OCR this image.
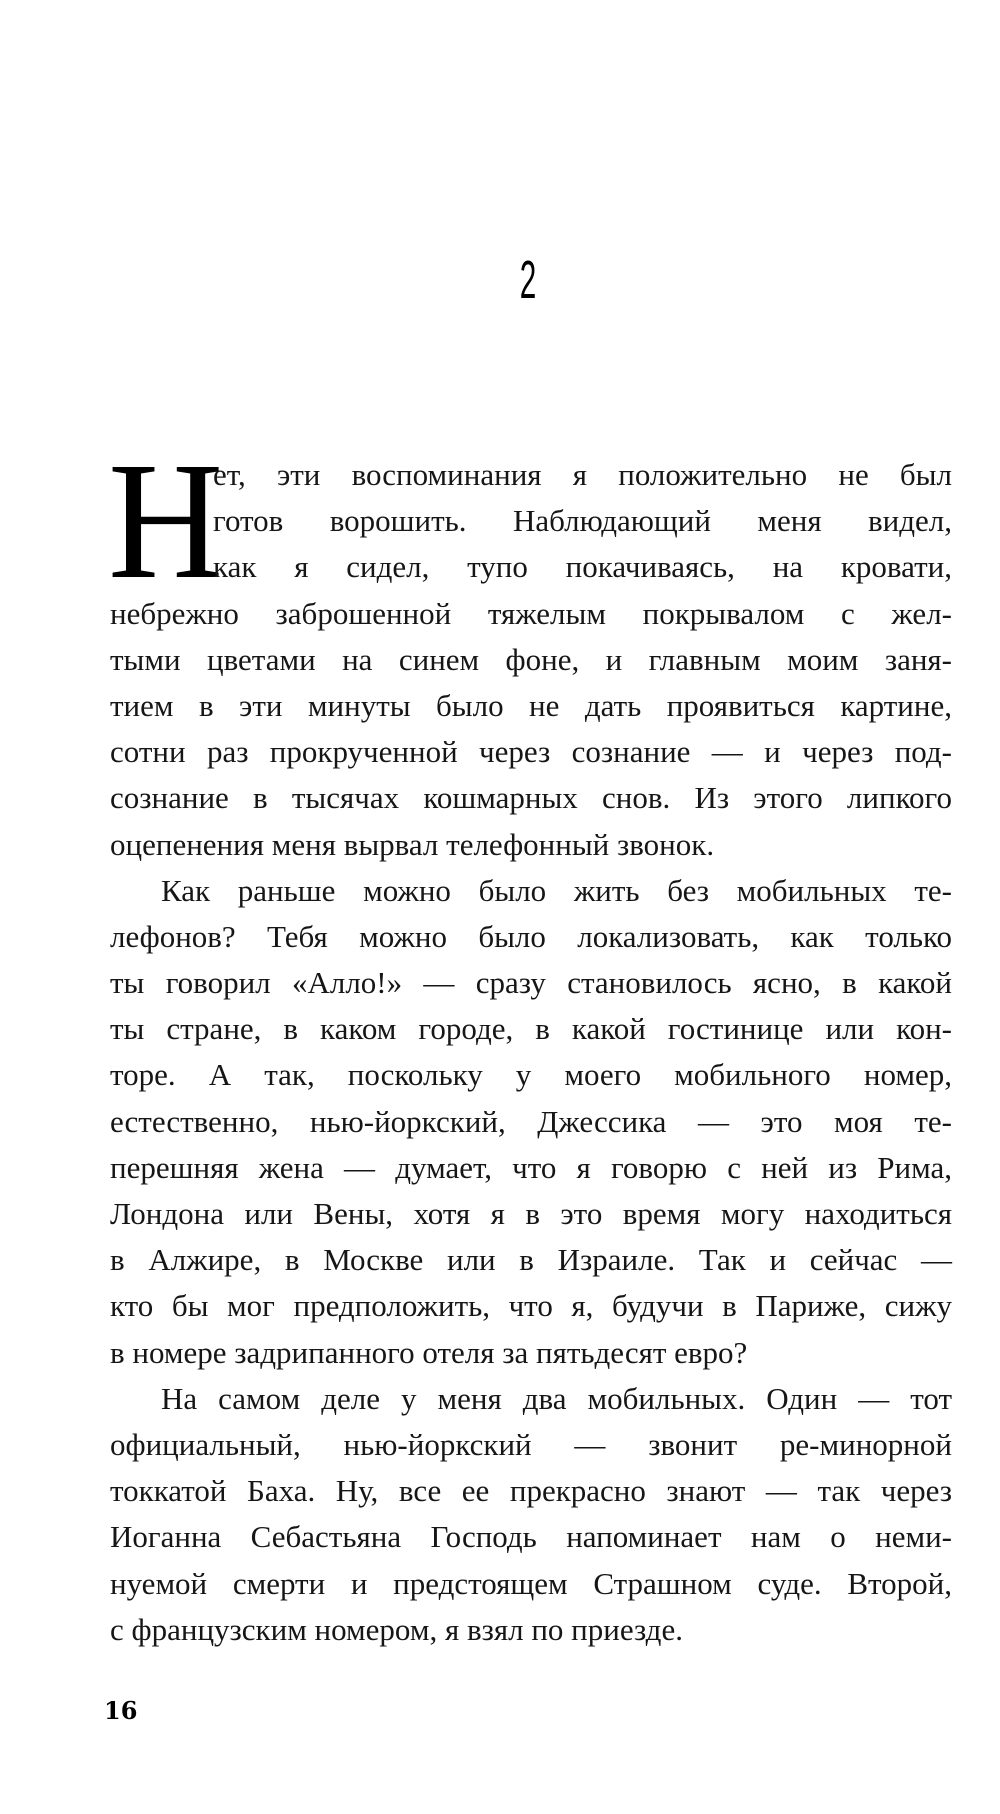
2
Н
ет, эти воспоминания я положительно не был
готов ворошить. Наблюдающий меня видел,
как я сидел, тупо покачиваясь, на кровати,
небрежно заброшенной тяжелым покрывалом с жел-
тыми цветами на синем фоне, и главным моим заня-
тием в эти минуты было не дать проявиться картине,
сотни раз прокрученной через сознание — и через под-
сознание в тысячах кошмарных снов. Из этого липкого
оцепенения меня вырвал телефонный звонок.
Как раньше можно было жить без мобильных те-
лефонов? Тебя можно было локализовать, как только
ты говорил «Алло!» — сразу становилось ясно, в какой
ты стране, в каком городе, в какой гостинице или кон-
торе. А так, поскольку у моего мобильного номер,
естественно, нью-йоркский, Джессика — это моя те-
перешняя жена — думает, что я говорю с ней из Рима,
Лондона или Вены, хотя я в это время могу находиться
в Алжире, в Москве или в Израиле. Так и сейчас —
кто бы мог предположить, что я, будучи в Париже, сижу
в номере задрипанного отеля за пятьдесят евро?
На самом деле у меня два мобильных. Один — тот
официальный, нью-йоркский — звонит ре-минорной
токкатой Баха. Ну, все ее прекрасно знают — так через
Иоганна Себастьяна Господь напоминает нам о неми-
нуемой смерти и предстоящем Страшном суде. Второй,
с французским номером, я взял по приезде.
16
